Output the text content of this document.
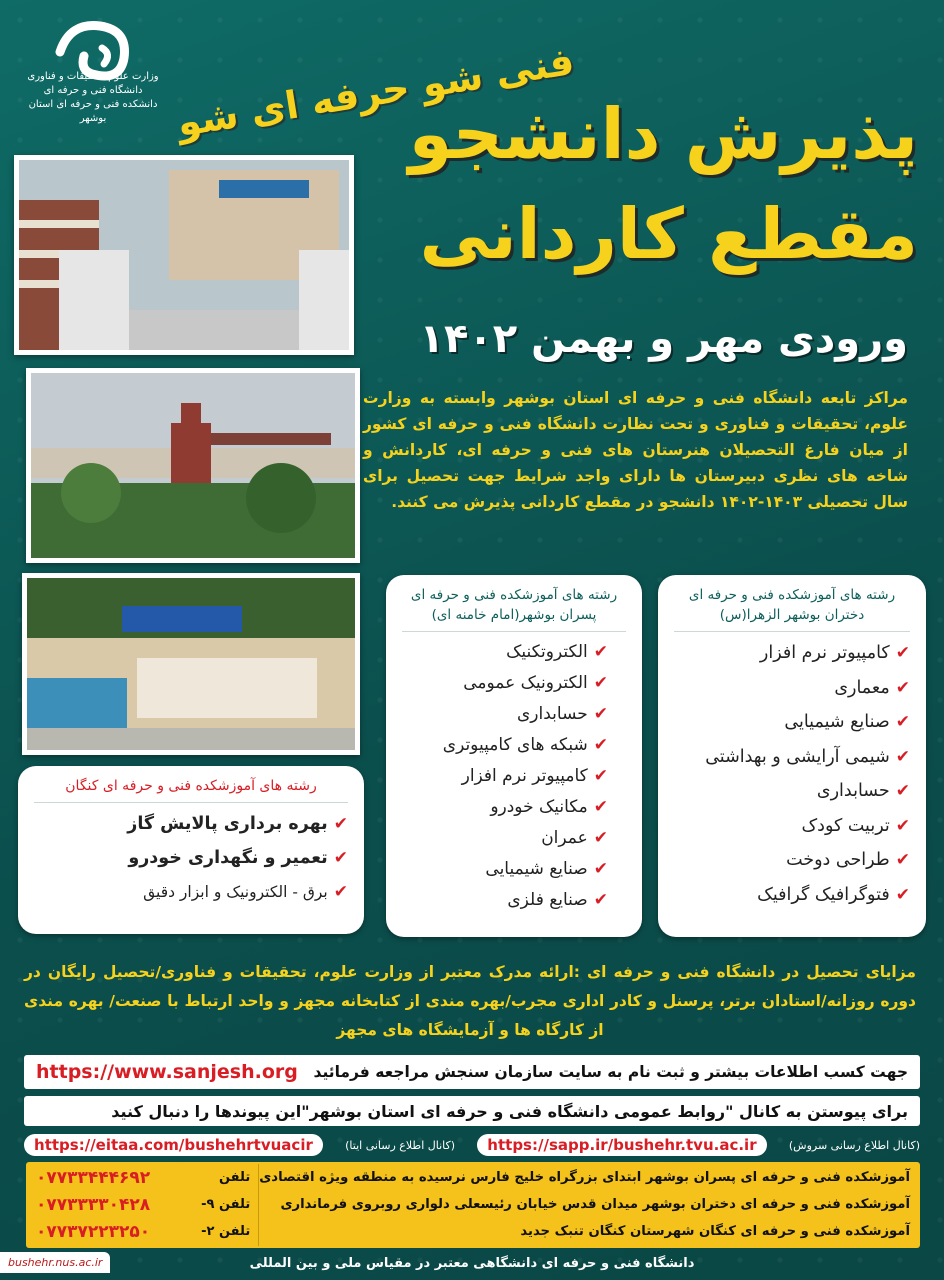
وزارت علوم، تحقیقات و فناوری
دانشگاه فنی و حرفه ای
دانشکده فنی و حرفه ای استان بوشهر	فنی شو حرفه ای شو
پذیرش دانشجو
مقطع کاردانی
ورودی مهر و بهمن ۱۴۰۲
مراکز تابعه دانشگاه فنی و حرفه ای استان بوشهر وابسته به وزارت علوم، تحقیقات و فناوری و تحت نظارت دانشگاه فنی و حرفه ای کشور از میان فارغ التحصیلان هنرستان های فنی و حرفه ای، کاردانش و شاخه های نظری دبیرستان ها دارای واجد شرایط جهت تحصیل برای سال تحصیلی ۱۴۰۳-۱۴۰۲ دانشجو در مقطع کاردانی پذیرش می کنند.
رشته های آموزشکده فنی و حرفه ای
دختران بوشهر الزهرا(س)
✔
کامپیوتر نرم افزار
✔
معماری
✔
صنایع شیمیایی
✔
شیمی آرایشی و بهداشتی
✔
حسابداری
✔
تربیت کودک
✔
طراحی دوخت
✔
فتوگرافیک گرافیک
رشته های آموزشکده فنی و حرفه ای
پسران بوشهر(امام خامنه ای)
✔
الکتروتکنیک
✔
الکترونیک عمومی
✔
حسابداری
✔
شبکه های کامپیوتری
✔
کامپیوتر نرم افزار
✔
مکانیک خودرو
✔
عمران
✔
صنایع شیمیایی
✔
صنایع فلزی
رشته های آموزشکده فنی و حرفه ای کنگان
✔
بهره برداری پالایش گاز
✔
تعمیر و نگهداری خودرو
✔
برق - الکترونیک و ابزار دقیق
مزایای تحصیل در دانشگاه فنی و حرفه ای :ارائه مدرک معتبر از وزارت علوم، تحقیقات و فناوری/تحصیل رایگان در دوره روزانه/استادان برتر، پرسنل و کادر اداری مجرب/بهره مندی از کتابخانه مجهز و واحد ارتباط با صنعت/ بهره مندی از کارگاه ها و آزمایشگاه های مجهز
جهت کسب اطلاعات بیشتر و ثبت نام به سایت سازمان سنجش مراجعه فرمائید
https://www.sanjesh.org
برای پیوستن به کانال "روابط عمومی دانشگاه فنی و حرفه ای استان بوشهر"این پیوندها را دنبال کنید
(کانال اطلاع رسانی سروش)
https://sapp.ir/bushehr.tvu.ac.ir
(کانال اطلاع رسانی ایتا)
https://eitaa.com/bushehrtvuacir
آموزشکده فنی و حرفه ای پسران بوشهر ابتدای بزرگراه خلیج فارس نرسیده به منطقه ویژه اقتصادی
آموزشکده فنی و حرفه ای دختران بوشهر میدان قدس خیابان رئیسعلی دلواری روبروی فرمانداری
آموزشکده فنی و حرفه ای کنگان شهرستان کنگان تنبک جدید
تلفن
۰۷۷۳۳۴۴۴۶۹۲
تلفن ۹-
۰۷۷۳۳۳۳۰۴۲۸
تلفن ۲-
۰۷۷۳۷۲۲۳۲۵۰
دانشگاه فنی و حرفه ای دانشگاهی معتبر در مقیاس ملی و بین المللی
bushehr.nus.ac.ir
